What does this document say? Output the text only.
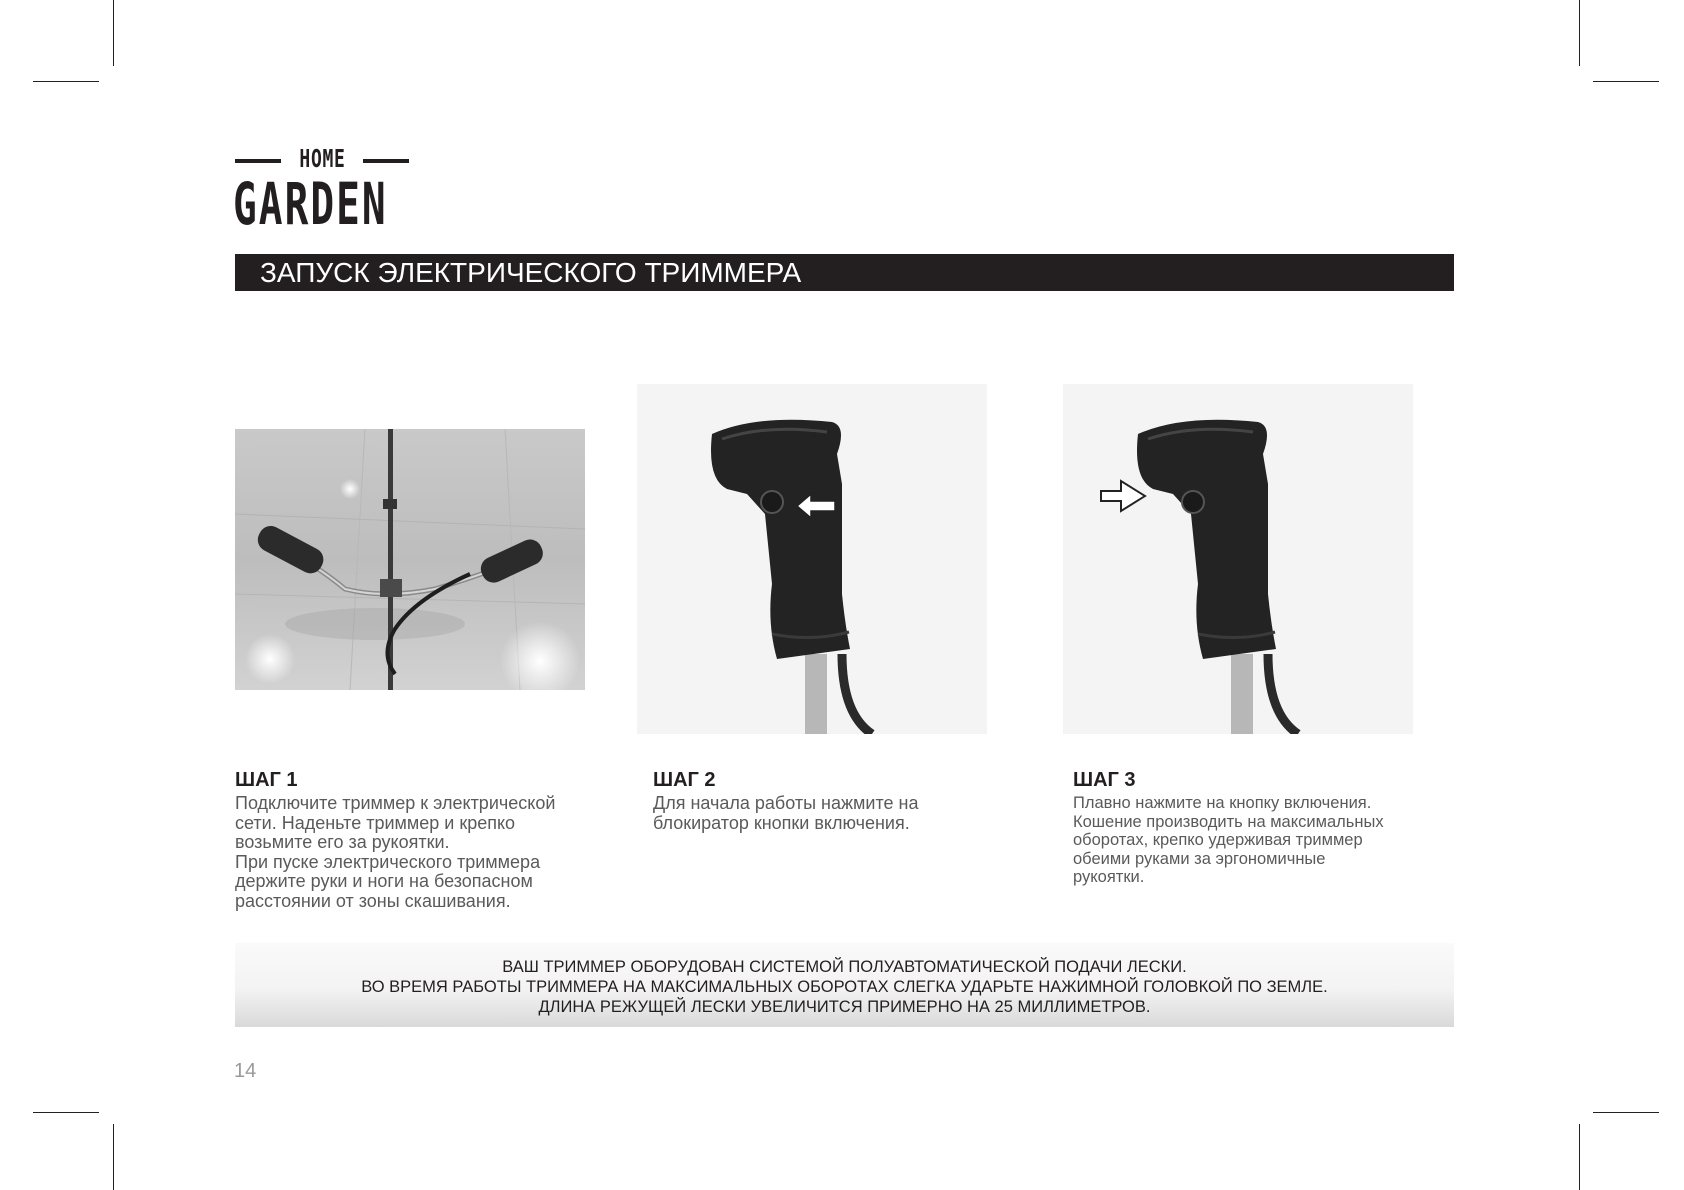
HOME
GARDEN
ЗАПУСК ЭЛЕКТРИЧЕСКОГО ТРИММЕРА
ШАГ 1
Подключите триммер к электрической
сети. Наденьте триммер и крепко
возьмите его за рукоятки.
При пуске электрического триммера
держите руки и ноги на безопасном
расстоянии от зоны скашивания.
ШАГ 2
Для начала работы нажмите на
блокиратор кнопки включения.
ШАГ 3
Плавно нажмите на кнопку включения.
Кошение производить на максимальных
оборотах, крепко удерживая триммер
обеими руками за эргономичные
рукоятки.
ВАШ ТРИММЕР ОБОРУДОВАН СИСТЕМОЙ ПОЛУАВТОМАТИЧЕСКОЙ ПОДАЧИ ЛЕСКИ.
ВО ВРЕМЯ РАБОТЫ ТРИММЕРА НА МАКСИМАЛЬНЫХ ОБОРОТАХ СЛЕГКА УДАРЬТЕ НАЖИМНОЙ ГОЛОВКОЙ ПО ЗЕМЛЕ.
ДЛИНА РЕЖУЩЕЙ ЛЕСКИ УВЕЛИЧИТСЯ ПРИМЕРНО НА 25 МИЛЛИМЕТРОВ.
14
